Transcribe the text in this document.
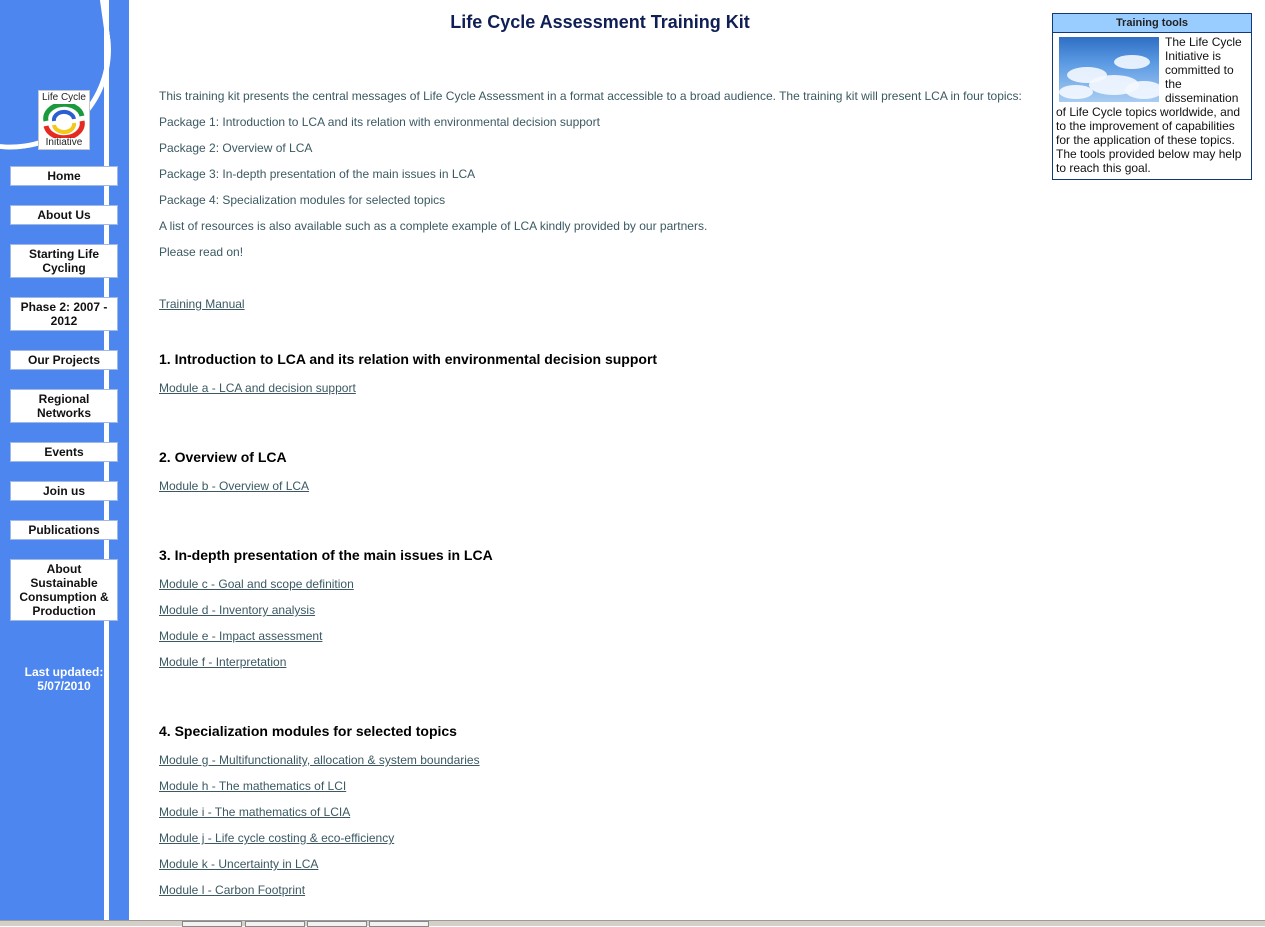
Life Cycle
Initiative
Home
About Us
Starting Life Cycling
Phase 2: 2007 - 2012
Our Projects
Regional Networks
Events
Join us
Publications
About Sustainable Consumption & Production
Last updated:
5/07/2010
Life Cycle Assessment Training Kit
This training kit presents the central messages of Life Cycle Assessment in a format accessible to a broad audience. The training kit will present LCA in four topics:
Package 1: Introduction to LCA and its relation with environmental decision support
Package 2: Overview of LCA
Package 3: In-depth presentation of the main issues in LCA
Package 4: Specialization modules for selected topics
A list of resources is also available such as a complete example of LCA kindly provided by our partners.
Please read on!
Training Manual
1. Introduction to LCA and its relation with environmental decision support
Module a - LCA and decision support
2. Overview of LCA
Module b - Overview of LCA
3. In-depth presentation of the main issues in LCA
Module c - Goal and scope definition
Module d - Inventory analysis
Module e - Impact assessment
Module f - Interpretation
4. Specialization modules for selected topics
Module g - Multifunctionality, allocation & system boundaries
Module h - The mathematics of LCI
Module i - The mathematics of LCIA
Module j - Life cycle costing & eco-efficiency
Module k - Uncertainty in LCA
Module l - Carbon Footprint
Training tools
The Life Cycle Initiative is committed to the dissemination of Life Cycle topics worldwide, and to the improvement of capabilities for the application of these topics. The tools provided below may help to reach this goal.
